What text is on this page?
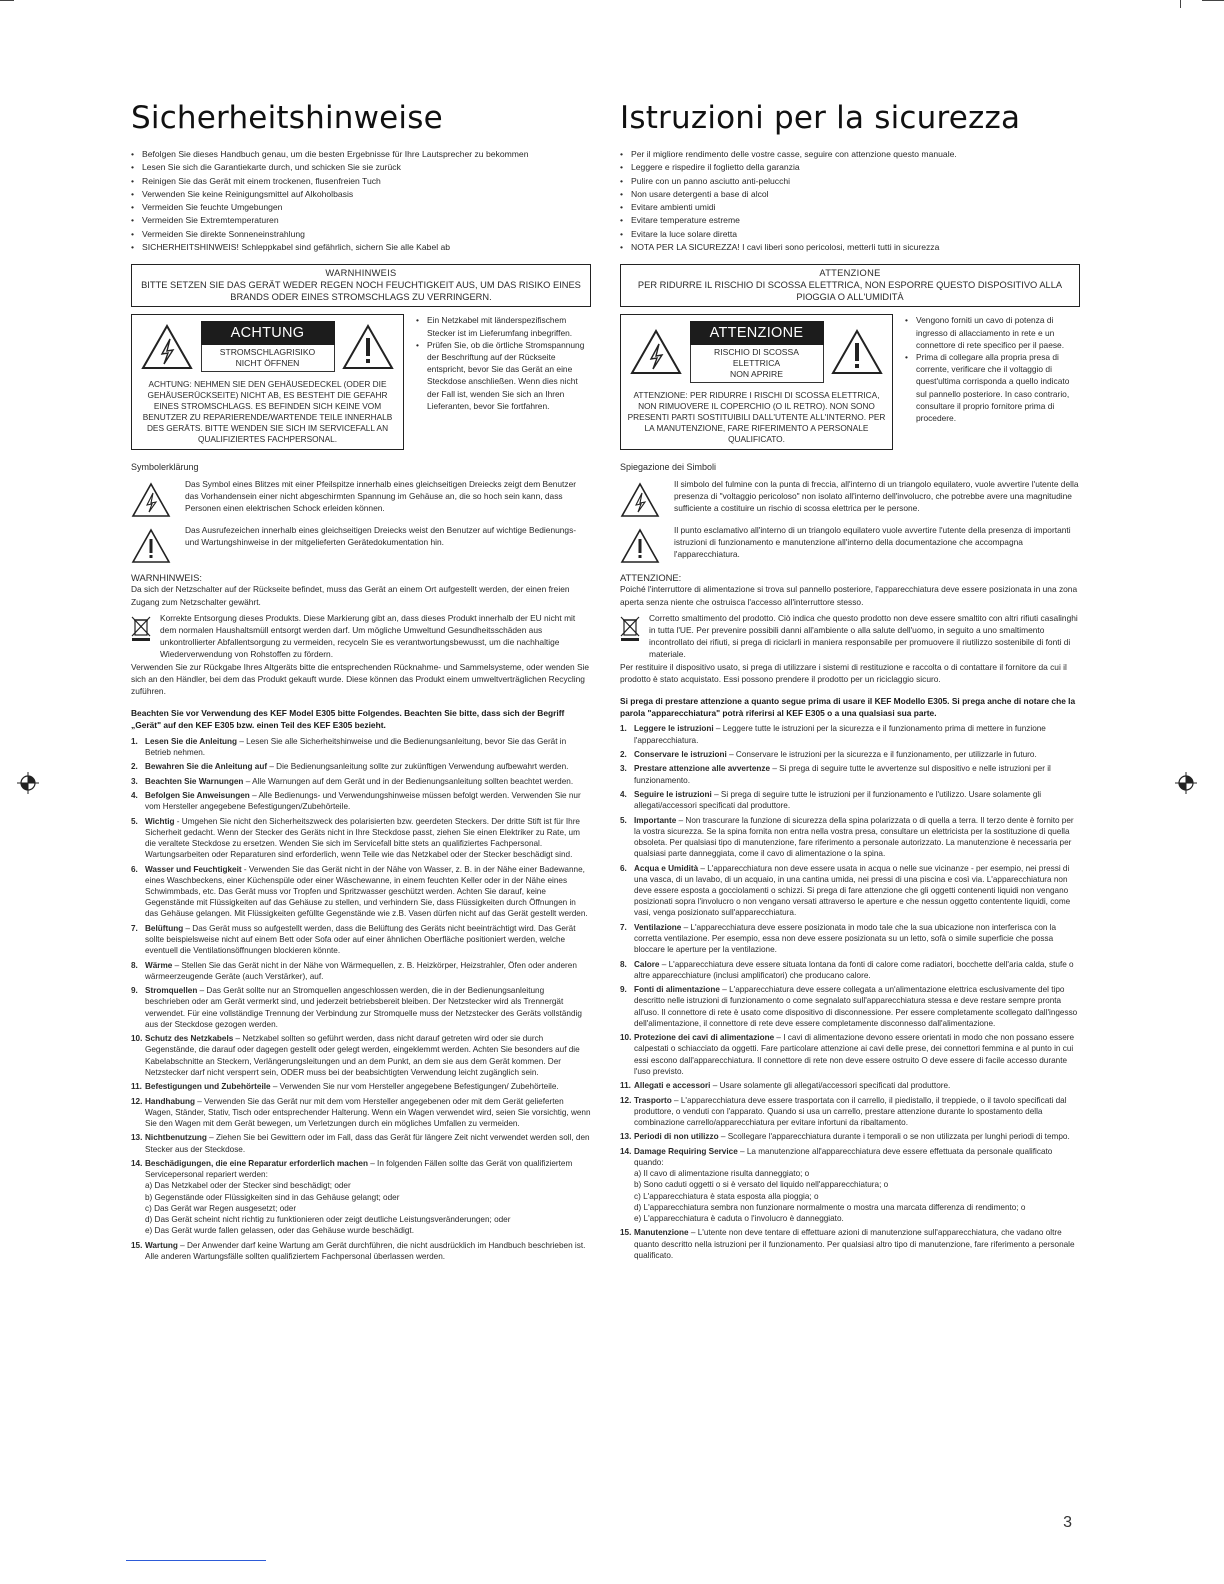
Sicherheitshinweise
• Befolgen Sie dieses Handbuch genau, um die besten Ergebnisse für Ihre Lautsprecher zu bekommen
• Lesen Sie sich die Garantiekarte durch, und schicken Sie sie zurück
• Reinigen Sie das Gerät mit einem trockenen, flusenfreien Tuch
• Verwenden Sie keine Reinigungsmittel auf Alkoholbasis
• Vermeiden Sie feuchte Umgebungen
• Vermeiden Sie Extremtemperaturen
• Vermeiden Sie direkte Sonneneinstrahlung
• SICHERHEITSHINWEIS! Schleppkabel sind gefährlich, sichern Sie alle Kabel ab
WARNHINWEIS
BITTE SETZEN SIE DAS GERÄT WEDER REGEN NOCH FEUCHTIGKEIT AUS, UM DAS RISIKO EINES BRANDS ODER EINES STROMSCHLAGS ZU VERRINGERN.
ACHTUNG
STROMSCHLAGRISIKO
NICHT ÖFFNEN
ACHTUNG: NEHMEN SIE DEN GEHÄUSEDECKEL (ODER DIE GEHÄUSERÜCKSEITE) NICHT AB, ES BESTEHT DIE GEFAHR EINES STROMSCHLAGS. ES BEFINDEN SICH KEINE VOM BENUTZER ZU REPARIERENDE/WARTENDE TEILE INNERHALB DES GERÄTS. BITTE WENDEN SIE SICH IM SERVICEFALL AN QUALIFIZIERTES FACHPERSONAL.
• Ein Netzkabel mit länderspezifischem Stecker ist im Lieferumfang inbegriffen.
• Prüfen Sie, ob die örtliche Stromspannung der Beschriftung auf der Rückseite entspricht, bevor Sie das Gerät an eine Steckdose anschließen. Wenn dies nicht der Fall ist, wenden Sie sich an Ihren Lieferanten, bevor Sie fortfahren.
Symbolerklärung
Das Symbol eines Blitzes mit einer Pfeilspitze innerhalb eines gleichseitigen Dreiecks zeigt dem Benutzer das Vorhandensein einer nicht abgeschirmten Spannung im Gehäuse an, die so hoch sein kann, dass Personen einen elektrischen Schock erleiden können.
Das Ausrufezeichen innerhalb eines gleichseitigen Dreiecks weist den Benutzer auf wichtige Bedienungs- und Wartungshinweise in der mitgelieferten Gerätedokumentation hin.
WARNHINWEIS:

Da sich der Netzschalter auf der Rückseite befindet, muss das Gerät an einem Ort aufgestellt werden, der einen freien Zugang zum Netzschalter gewährt.

Korrekte Entsorgung dieses Produkts. Diese Markierung gibt an, dass dieses Produkt innerhalb der EU nicht mit dem normalen Haushaltsmüll entsorgt werden darf. Um mögliche Umweltund Gesundheitsschäden aus unkontrollierter Abfallentsorgung zu vermeiden, recyceln Sie es verantwortungsbewusst, um die nachhaltige Wiederverwendung von Rohstoffen zu fördern.

Verwenden Sie zur Rückgabe Ihres Altgeräts bitte die entsprechenden Rücknahme- und Sammelsysteme, oder wenden Sie sich an den Händler, bei dem das Produkt gekauft wurde. Diese können das Produkt einem umweltverträglichen Recycling zuführen.

Beachten Sie vor Verwendung des KEF Model E305 bitte Folgendes. Beachten Sie bitte, dass sich der Begriff „Gerät" auf den KEF E305 bzw. einen Teil des KEF E305 bezieht.
1. Lesen Sie die Anleitung – Lesen Sie alle Sicherheitshinweise und die Bedienungsanleitung, bevor Sie das Gerät in Betrieb nehmen.
2. Bewahren Sie die Anleitung auf – Die Bedienungsanleitung sollte zur zukünftigen Verwendung aufbewahrt werden.
3. Beachten Sie Warnungen – Alle Warnungen auf dem Gerät und in der Bedienungsanleitung sollten beachtet werden.
4. Befolgen Sie Anweisungen – Alle Bedienungs- und Verwendungshinweise müssen befolgt werden. Verwenden Sie nur vom Hersteller angegebene Befestigungen/Zubehörteile.
5. Wichtig - Umgehen Sie nicht den Sicherheitszweck des polarisierten bzw. geerdeten Steckers. Der dritte Stift ist für Ihre Sicherheit gedacht. Wenn der Stecker des Geräts nicht in Ihre Steckdose passt, ziehen Sie einen Elektriker zu Rate, um die veraltete Steckdose zu ersetzen. Wenden Sie sich im Servicefall bitte stets an qualifiziertes Fachpersonal. Wartungsarbeiten oder Reparaturen sind erforderlich, wenn Teile wie das Netzkabel oder der Stecker beschädigt sind.
6. Wasser und Feuchtigkeit - Verwenden Sie das Gerät nicht in der Nähe von Wasser, z. B. in der Nähe einer Badewanne, eines Waschbeckens, einer Küchenspüle oder einer Wäschewanne, in einem feuchten Keller oder in der Nähe eines Schwimmbads, etc. Das Gerät muss vor Tropfen und Spritzwasser geschützt werden. Achten Sie darauf, keine Gegenstände mit Flüssigkeiten auf das Gehäuse zu stellen, und verhindern Sie, dass Flüssigkeiten durch Öffnungen in das Gehäuse gelangen. Mit Flüssigkeiten gefüllte Gegenstände wie z.B. Vasen dürfen nicht auf das Gerät gestellt werden.
7. Belüftung – Das Gerät muss so aufgestellt werden, dass die Belüftung des Geräts nicht beeinträchtigt wird. Das Gerät sollte beispielsweise nicht auf einem Bett oder Sofa oder auf einer ähnlichen Oberfläche positioniert werden, welche eventuell die Ventilationsöffnungen blockieren könnte.
8. Wärme – Stellen Sie das Gerät nicht in der Nähe von Wärmequellen, z. B. Heizkörper, Heizstrahler, Öfen oder anderen wärmeerzeugende Geräte (auch Verstärker), auf.
9. Stromquellen – Das Gerät sollte nur an Stromquellen angeschlossen werden, die in der Bedienungsanleitung beschrieben oder am Gerät vermerkt sind, und jederzeit betriebsbereit bleiben. Der Netzstecker wird als Trennergät verwendet. Für eine vollständige Trennung der Verbindung zur Stromquelle muss der Netzstecker des Geräts vollständig aus der Steckdose gezogen werden.
10. Schutz des Netzkabels – Netzkabel sollten so geführt werden, dass nicht darauf getreten wird oder sie durch Gegenstände, die darauf oder dagegen gestellt oder gelegt werden, eingeklemmt werden. Achten Sie besonders auf die Kabelabschnitte an Steckern, Verlängerungsleitungen und an dem Punkt, an dem sie aus dem Gerät kommen. Der Netzstecker darf nicht versperrt sein, ODER muss bei der beabsichtigten Verwendung leicht zugänglich sein.
11. Befestigungen und Zubehörteile – Verwenden Sie nur vom Hersteller angegebene Befestigungen/ Zubehörteile.
12. Handhabung – Verwenden Sie das Gerät nur mit dem vom Hersteller angegebenen oder mit dem Gerät gelieferten Wagen, Ständer, Stativ, Tisch oder entsprechender Halterung. Wenn ein Wagen verwendet wird, seien Sie vorsichtig, wenn Sie den Wagen mit dem Gerät bewegen, um Verletzungen durch ein mögliches Umfallen zu vermeiden.
13. Nichtbenutzung – Ziehen Sie bei Gewittern oder im Fall, dass das Gerät für längere Zeit nicht verwendet werden soll, den Stecker aus der Steckdose.
14. Beschädigungen, die eine Reparatur erforderlich machen – In folgenden Fällen sollte das Gerät von qualifiziertem Servicepersonal repariert werden:
a) Das Netzkabel oder der Stecker sind beschädigt; oder
b) Gegenstände oder Flüssigkeiten sind in das Gehäuse gelangt; oder
c) Das Gerät war Regen ausgesetzt; oder
d) Das Gerät scheint nicht richtig zu funktionieren oder zeigt deutliche Leistungsveränderungen; oder
e) Das Gerät wurde fallen gelassen, oder das Gehäuse wurde beschädigt.
15. Wartung – Der Anwender darf keine Wartung am Gerät durchführen, die nicht ausdrücklich im Handbuch beschrieben ist. Alle anderen Wartungsfälle sollten qualifiziertem Fachpersonal überlassen werden.
Istruzioni per la sicurezza
• Per il migliore rendimento delle vostre casse, seguire con attenzione questo manuale.
• Leggere e rispedire il foglietto della garanzia
• Pulire con un panno asciutto anti-pelucchi
• Non usare detergenti a base di alcol
• Evitare ambienti umidi
• Evitare temperature estreme
• Evitare la luce solare diretta
• NOTA PER LA SICUREZZA! I cavi liberi sono pericolosi, metterli tutti in sicurezza
ATTENZIONE
PER RIDURRE IL RISCHIO DI SCOSSA ELETTRICA, NON ESPORRE QUESTO DISPOSITIVO ALLA PIOGGIA O ALL'UMIDITÀ
ATTENZIONE
RISCHIO DI SCOSSA ELETTRICA
NON APRIRE
ATTENZIONE: PER RIDURRE I RISCHI DI SCOSSA ELETTRICA, NON RIMUOVERE IL COPERCHIO (O IL RETRO). NON SONO PRESENTI PARTI SOSTITUIBILI DALL'UTENTE ALL'INTERNO. PER LA MANUTENZIONE, FARE RIFERIMENTO A PERSONALE QUALIFICATO.
• Vengono forniti un cavo di potenza di ingresso di allacciamento in rete e un connettore di rete specifico per il paese.
• Prima di collegare alla propria presa di corrente, verificare che il voltaggio di quest'ultima corrisponda a quello indicato sul pannello posteriore. In caso contrario, consultare il proprio fornitore prima di procedere.
Spiegazione dei Simboli
Il simbolo del fulmine con la punta di freccia, all'interno di un triangolo equilatero, vuole avvertire l'utente della presenza di "voltaggio pericoloso" non isolato all'interno dell'involucro, che potrebbe avere una magnitudine sufficiente a costituire un rischio di scossa elettrica per le persone.
Il punto esclamativo all'interno di un triangolo equilatero vuole avvertire l'utente della presenza di importanti istruzioni di funzionamento e manutenzione all'interno della documentazione che accompagna l'apparecchiatura.
ATTENZIONE:

Poiché l'interruttore di alimentazione si trova sul pannello posteriore, l'apparecchiatura deve essere posizionata in una zona aperta senza niente che ostruisca l'accesso all'interruttore stesso.

Corretto smaltimento del prodotto. Ciò indica che questo prodotto non deve essere smaltito con altri rifiuti casalinghi in tutta l'UE. Per prevenire possibili danni all'ambiente o alla salute dell'uomo, in seguito a uno smaltimento incontrollato dei rifiuti, si prega di riciclarli in maniera responsabile per promuovere il riutilizzo sostenibile di fonti di materiale.

Per restituire il dispositivo usato, si prega di utilizzare i sistemi di restituzione e raccolta o di contattare il fornitore da cui il prodotto è stato acquistato. Essi possono prendere il prodotto per un riciclaggio sicuro.

Si prega di prestare attenzione a quanto segue prima di usare il KEF Modello E305. Si prega anche di notare che la parola "apparecchiatura" potrà riferirsi al KEF E305 o a una qualsiasi sua parte.
1. Leggere le istruzioni – Leggere tutte le istruzioni per la sicurezza e il funzionamento prima di mettere in funzione l'apparecchiatura.
2. Conservare le istruzioni – Conservare le istruzioni per la sicurezza e il funzionamento, per utilizzarle in futuro.
3. Prestare attenzione alle avvertenze – Si prega di seguire tutte le avvertenze sul dispositivo e nelle istruzioni per il funzionamento.
4. Seguire le istruzioni – Si prega di seguire tutte le istruzioni per il funzionamento e l'utilizzo. Usare solamente gli allegati/accessori specificati dal produttore.
5. Importante – Non trascurare la funzione di sicurezza della spina polarizzata o di quella a terra. Il terzo dente è fornito per la vostra sicurezza. Se la spina fornita non entra nella vostra presa, consultare un elettricista per la sostituzione di quella obsoleta. Per qualsiasi tipo di manutenzione, fare riferimento a personale autorizzato. La manutenzione è necessaria per qualsiasi parte danneggiata, come il cavo di alimentazione o la spina.
6. Acqua e Umidità – L'apparecchiatura non deve essere usata in acqua o nelle sue vicinanze - per esempio, nei pressi di una vasca, di un lavabo, di un acquaio, in una cantina umida, nei pressi di una piscina e così via. L'apparecchiatura non deve essere esposta a gocciolamenti o schizzi. Si prega di fare attenzione che gli oggetti contenenti liquidi non vengano posizionati sopra l'involucro o non vengano versati attraverso le aperture e che nessun oggetto contentente liquidi, come vasi, venga posizionato sull'apparecchiatura.
7. Ventilazione – L'apparecchiatura deve essere posizionata in modo tale che la sua ubicazione non interferisca con la corretta ventilazione. Per esempio, essa non deve essere posizionata su un letto, sofà o simile superficie che possa bloccare le aperture per la ventilazione.
8. Calore – L'apparecchiatura deve essere situata lontana da fonti di calore come radiatori, bocchette dell'aria calda, stufe o altre apparecchiature (inclusi amplificatori) che producano calore.
9. Fonti di alimentazione – L'apparecchiatura deve essere collegata a un'alimentazione elettrica esclusivamente del tipo descritto nelle istruzioni di funzionamento o come segnalato sull'apparecchiatura stessa e deve restare sempre pronta all'uso. Il connettore di rete è usato come dispositivo di disconnessione. Per essere completamente scollegato dall'ingesso dell'alimentazione, il connettore di rete deve essere completamente disconnesso dall'alimentazione.
10. Protezione dei cavi di alimentazione – I cavi di alimentazione devono essere orientati in modo che non possano essere calpestati o schiacciato da oggetti. Fare particolare attenzione ai cavi delle prese, dei connettori femmina e al punto in cui essi escono dall'apparecchiatura. Il connettore di rete non deve essere ostruito O deve essere di facile accesso durante l'uso previsto.
11. Allegati e accessori – Usare solamente gli allegati/accessori specificati dal produttore.
12. Trasporto – L'apparecchiatura deve essere trasportata con il carrello, il piedistallo, il treppiede, o il tavolo specificati dal produttore, o venduti con l'apparato. Quando si usa un carrello, prestare attenzione durante lo spostamento della combinazione carrello/apparecchiatura per evitare infortuni da ribaltamento.
13. Periodi di non utilizzo – Scollegare l'apparecchiatura durante i temporali o se non utilizzata per lunghi periodi di tempo.
14. Damage Requiring Service – La manutenzione all'apparecchiatura deve essere effettuata da personale qualificato quando:
a) Il cavo di alimentazione risulta danneggiato; o
b) Sono caduti oggetti o si è versato del liquido nell'apparecchiatura; o
c) L'apparecchiatura è stata esposta alla pioggia; o
d) L'apparecchiatura sembra non funzionare normalmente o mostra una marcata differenza di rendimento; o
e) L'apparecchiatura è caduta o l'involucro è danneggiato.
15. Manutenzione – L'utente non deve tentare di effettuare azioni di manutenzione sull'apparecchiatura, che vadano oltre quanto descritto nella istruzioni per il funzionamento. Per qualsiasi altro tipo di manutenzione, fare riferimento a personale qualificato.
3
